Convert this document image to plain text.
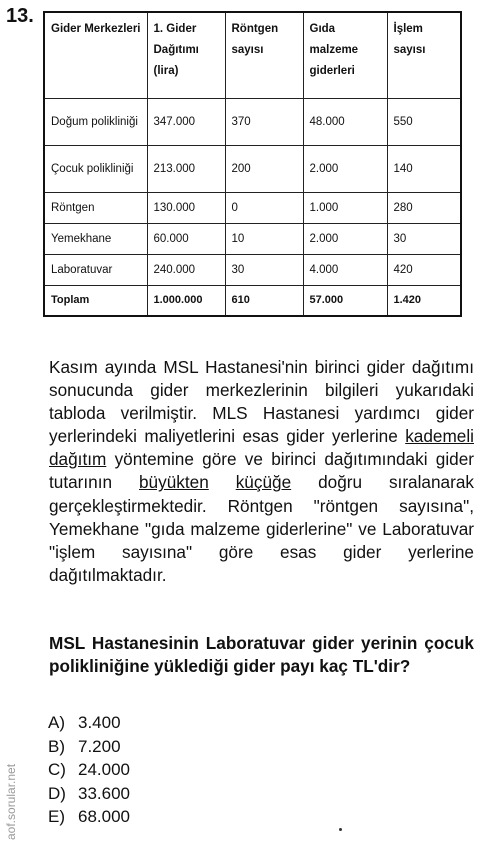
13.
Gider Merkezleri	1. Gider Dağıtımı (lira)	Röntgen sayısı	Gıda malzeme giderleri	İşlem sayısı
Doğum polikliniği	347.000	370	48.000	550
Çocuk polikliniği	213.000	200	2.000	140
Röntgen	130.000	0	1.000	280
Yemekhane	60.000	10	2.000	30
Laboratuvar	240.000	30	4.000	420
Toplam	1.000.000	610	57.000	1.420
Kasım ayında MSL Hastanesi'nin birinci gider dağıtımı sonucunda gider merkezlerinin bilgileri yukarıdaki tabloda verilmiştir. MLS Hastanesi yardımcı gider yerlerindeki maliyetlerini esas gider yerlerine kademeli dağıtım yöntemine göre ve birinci dağıtımındaki gider tutarının büyükten küçüğe doğru sıralanarak gerçekleştirmektedir. Röntgen "röntgen sayısına", Yemekhane "gıda malzeme giderlerine" ve Laboratuvar "işlem sayısına" göre esas gider yerlerine dağıtılmaktadır.
MSL Hastanesinin Laboratuvar gider yerinin çocuk polikliniğine yüklediği gider payı kaç TL'dir?
A) 3.400
B) 7.200
C) 24.000
D) 33.600
E) 68.000
aof.sorular.net
